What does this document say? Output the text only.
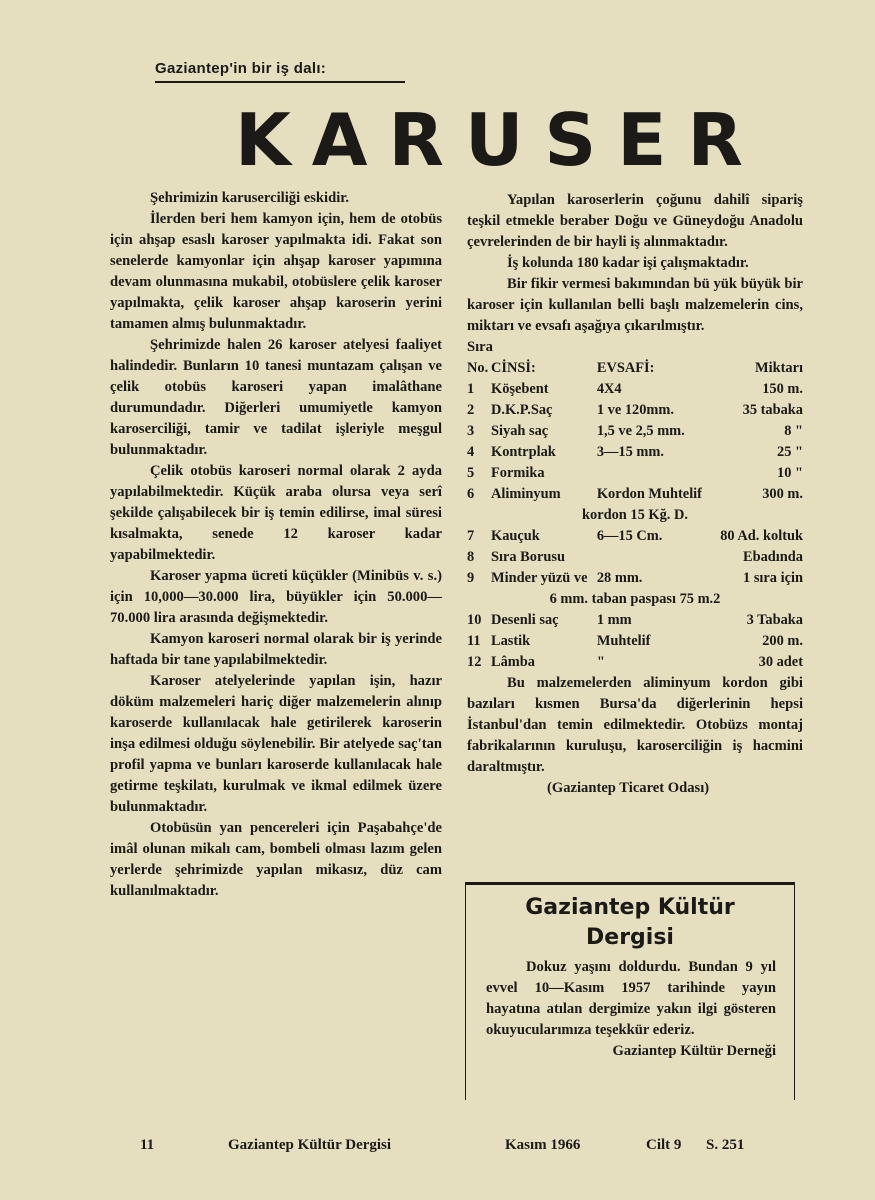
Gaziantep'in bir iş dalı:
KARUSER

Şehrimizin karuserciliği eskidir.

İlerden beri hem kamyon için, hem de otobüs için ahşap esaslı karoser yapılmakta idi. Fakat son senelerde kamyonlar için ahşap karoser yapımına devam olunmasına mukabil, otobüslere çelik karoser yapılmakta, çelik karoser ahşap karoserin yerini tamamen almış bulunmaktadır.

Şehrimizde halen 26 karoser atelyesi faaliyet halindedir. Bunların 10 tanesi muntazam çalışan ve çelik otobüs karoseri yapan imalâthane durumundadır. Diğerleri umumiyetle kamyon karoserciliği, tamir ve tadilat işleriyle meşgul bulunmaktadır.

Çelik otobüs karoseri normal olarak 2 ayda yapılabilmektedir. Küçük araba olursa veya serî şekilde çalışabilecek bir iş temin edilirse, imal süresi kısalmakta, senede 12 karoser kadar yapabilmektedir.

Karoser yapma ücreti küçükler (Minibüs v. s.) için 10,000—30.000 lira, büyükler için 50.000—70.000 lira arasında değişmektedir.

Kamyon karoseri normal olarak bir iş yerinde haftada bir tane yapılabilmektedir.

Karoser atelyelerinde yapılan işin, hazır döküm malzemeleri hariç diğer malzemelerin alınıp karoserde kullanılacak hale getirilerek karoserin inşa edilmesi olduğu söylenebilir. Bir atelyede saç'tan profil yapma ve bunları karoserde kullanılacak hale getirme teşkilatı, kurulmak ve ikmal edilmek üzere bulunmaktadır.

Otobüsün yan pencereleri için Paşabahçe'de imâl olunan mikalı cam, bombeli olması lazım gelen yerlerde şehrimizde yapılan mikasız, düz cam kullanılmaktadır.

Yapılan karoserlerin çoğunu dahilî sipariş teşkil etmekle beraber Doğu ve Güneydoğu Anadolu çevrelerinden de bir hayli iş alınmaktadır.

İş kolunda 180 kadar işi çalışmaktadır.

Bir fikir vermesi bakımından bü yük büyük bir karoser için kullanılan belli başlı malzemelerin cins, miktarı ve evsafı aşağıya çıkarılmıştır.

Sıra

No.	CİNSİ:	EVSAFİ:	Miktarı
1	Köşebent	4X4	150 m.
2	D.K.P.Saç	1 ve 120mm.	35 tabaka
3	Siyah saç	1,5 ve 2,5 mm.	8 "
4	Kontrplak	3—15 mm.	25 "
5	Formika		10 "
6	Aliminyum	Kordon Muhtelif	300 m.
kordon 15 Kğ. D.			
7	Kauçuk	6—15 Cm.	80 Ad. koltuk
8	Sıra Borusu		Ebadında
9	Minder yüzü ve	28 mm.	1 sıra için
6 mm. taban paspası 75 m.2			
10	Desenli saç	1 mm	3 Tabaka
11	Lastik	Muhtelif	200 m.
12	Lâmba	"	30 adet

Bu malzemelerden aliminyum kordon gibi bazıları kısmen Bursa'da diğerlerinin hepsi İstanbul'dan temin edilmektedir. Otobüzs montaj fabrikalarının kuruluşu, karoserciliğin iş hacmini daraltmıştır.

(Gaziantep Ticaret Odası)

Gaziantep Kültür
Dergisi
Dokuz yaşını doldurdu. Bundan 9 yıl evvel 10—Kasım 1957 tarihinde yayın hayatına atılan dergimize yakın ilgi gösteren okuyucularımıza teşekkür ederiz.
Gaziantep Kültür Derneği
11	Gaziantep Kültür Dergisi	Kasım 1966	Cilt 9 S. 251
